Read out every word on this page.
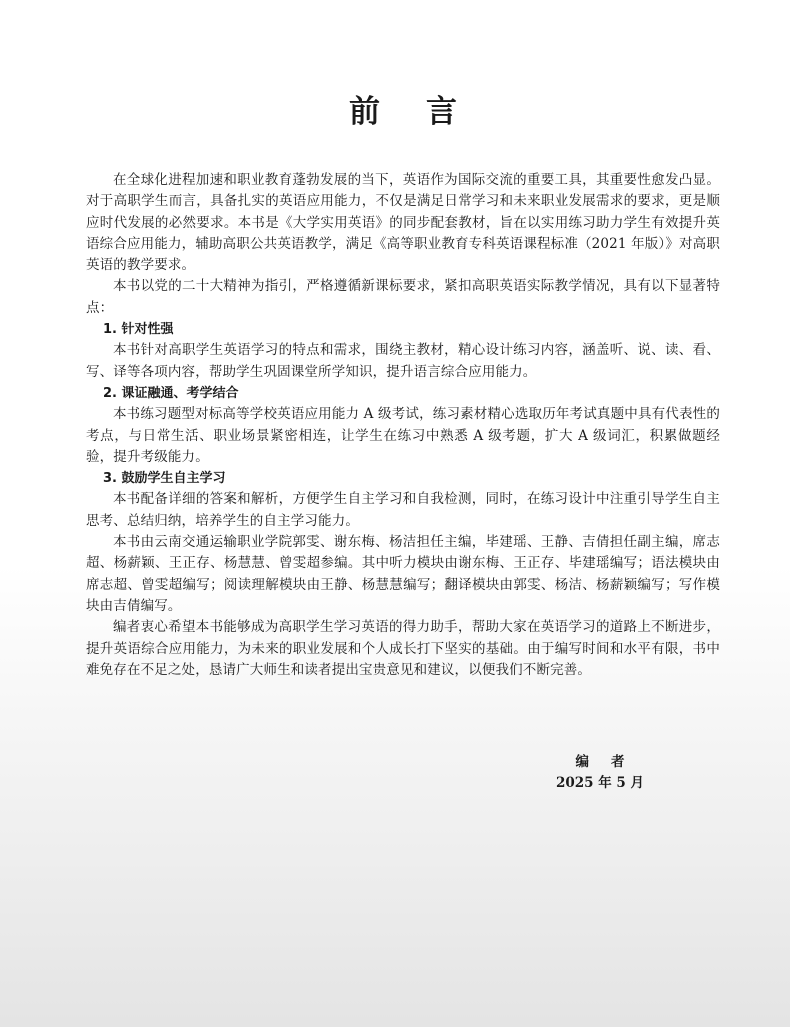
前言

在全球化进程加速和职业教育蓬勃发展的当下，英语作为国际交流的重要工具，其重要性愈发凸显。对于高职学生而言，具备扎实的英语应用能力，不仅是满足日常学习和未来职业发展需求的要求，更是顺应时代发展的必然要求。本书是《大学实用英语》的同步配套教材，旨在以实用练习助力学生有效提升英语综合应用能力，辅助高职公共英语教学，满足《高等职业教育专科英语课程标准（2021 年版）》对高职英语的教学要求。

本书以党的二十大精神为指引，严格遵循新课标要求，紧扣高职英语实际教学情况，具有以下显著特点：

1. 针对性强

本书针对高职学生英语学习的特点和需求，围绕主教材，精心设计练习内容，涵盖听、说、读、看、写、译等各项内容，帮助学生巩固课堂所学知识，提升语言综合应用能力。

2. 课证融通、考学结合

本书练习题型对标高等学校英语应用能力 A 级考试，练习素材精心选取历年考试真题中具有代表性的考点，与日常生活、职业场景紧密相连，让学生在练习中熟悉 A 级考题，扩大 A 级词汇，积累做题经验，提升考级能力。

3. 鼓励学生自主学习

本书配备详细的答案和解析，方便学生自主学习和自我检测，同时，在练习设计中注重引导学生自主思考、总结归纳，培养学生的自主学习能力。

本书由云南交通运输职业学院郭雯、谢东梅、杨洁担任主编，毕建瑶、王静、吉倩担任副主编，席志超、杨薪颖、王正存、杨慧慧、曾雯超参编。其中听力模块由谢东梅、王正存、毕建瑶编写；语法模块由席志超、曾雯超编写；阅读理解模块由王静、杨慧慧编写；翻译模块由郭雯、杨洁、杨薪颖编写；写作模块由吉倩编写。

编者衷心希望本书能够成为高职学生学习英语的得力助手，帮助大家在英语学习的道路上不断进步，提升英语综合应用能力，为未来的职业发展和个人成长打下坚实的基础。由于编写时间和水平有限，书中难免存在不足之处，恳请广大师生和读者提出宝贵意见和建议，以便我们不断完善。

编者
2025 年 5 月
